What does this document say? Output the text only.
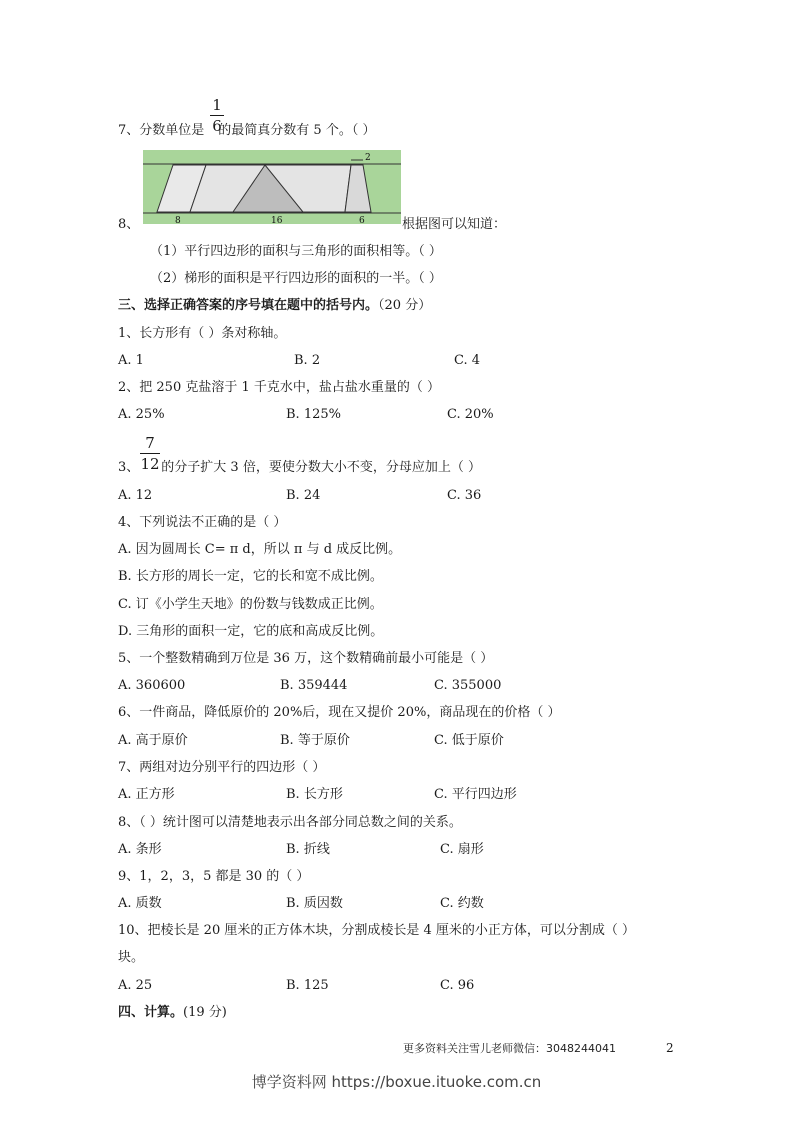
1
6
7、分数单位是 的最简真分数有 5 个。（ ）
2
8	16	6
8、	根据图可以知道：
（1）平行四边形的面积与三角形的面积相等。（ ）
（2）梯形的面积是平行四边形的面积的一半。（ ）
三、选择正确答案的序号填在题中的括号内。（20 分）
1、长方形有（ ）条对称轴。
A. 1	B. 2	C. 4
2、把 250 克盐溶于 1 千克水中，盐占盐水重量的（ ）
A. 25%	B. 125%	C. 20%
7
12
3、 的分子扩大 3 倍，要使分数大小不变，分母应加上（ ）
A. 12	B. 24	C. 36
4、下列说法不正确的是（ ）
A. 因为圆周长 C= π d，所以 π 与 d 成反比例。
B. 长方形的周长一定，它的长和宽不成比例。
C. 订《小学生天地》的份数与钱数成正比例。
D. 三角形的面积一定，它的底和高成反比例。
5、一个整数精确到万位是 36 万，这个数精确前最小可能是（ ）
A. 360600	B. 359444	C. 355000
6、一件商品，降低原价的 20%后，现在又提价 20%，商品现在的价格（ ）
A. 高于原价	B. 等于原价	C. 低于原价
7、两组对边分别平行的四边形（ ）
A. 正方形	B. 长方形	C. 平行四边形
8、（ ）统计图可以清楚地表示出各部分同总数之间的关系。
A. 条形	B. 折线	C. 扇形
9、1，2，3，5 都是 30 的（ ）
A. 质数	B. 质因数	C. 约数
10、把棱长是 20 厘米的正方体木块，分割成棱长是 4 厘米的小正方体，可以分割成（ ）
块。
A. 25	B. 125	C. 96
四、计算。(19 分)
更多资料关注雪儿老师微信：3048244041	2
博学资料网 https://boxue.ituoke.com.cn
